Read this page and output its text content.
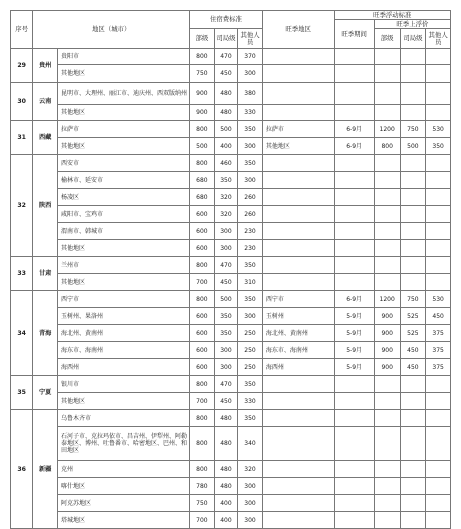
序号	地区（城市）		住宿费标准			旺季地区	旺季浮动标准			
							旺季期间	旺季上浮价		
			部级	司局级	其他人员			部级	司局级	其他人员
29	贵州	贵阳市	800	470	370					
		其他地区	750	450	300					
30	云南	昆明市、大理州、丽江市、迪庆州、西双版纳州	900	480	380					
		其他地区	900	480	330					
31	西藏	拉萨市	800	500	350	拉萨市	6-9月	1200	750	530
		其他地区	500	400	300	其他地区	6-9月	800	500	350
32	陕西	西安市	800	460	350					
		榆林市、延安市	680	350	300					
		杨凌区	680	320	260					
		咸阳市、宝鸡市	600	320	260					
		渭南市、韩城市	600	300	230					
		其他地区	600	300	230					
33	甘肃	兰州市	800	470	350					
		其他地区	700	450	310					
34	青海	西宁市	800	500	350	西宁市	6-9月	1200	750	530
		玉树州、果洛州	600	350	300	玉树州	5-9月	900	525	450
		海北州、黄南州	600	350	250	海北州、黄南州	5-9月	900	525	375
		海东市、海南州	600	300	250	海东市、海南州	5-9月	900	450	375
		海西州	600	300	250	海西州	5-9月	900	450	375
35	宁夏	银川市	800	470	350					
		其他地区	700	450	330					
36	新疆	乌鲁木齐市	800	480	350					
		石河子市、克拉玛依市、昌吉州、伊犁州、阿勒泰地区、博州、吐鲁番市、哈密地区、巴州、和田地区	800	480	340					
		克州	800	480	320					
		喀什地区	780	480	300					
		阿克苏地区	750	400	300					
		塔城地区	700	400	300					
